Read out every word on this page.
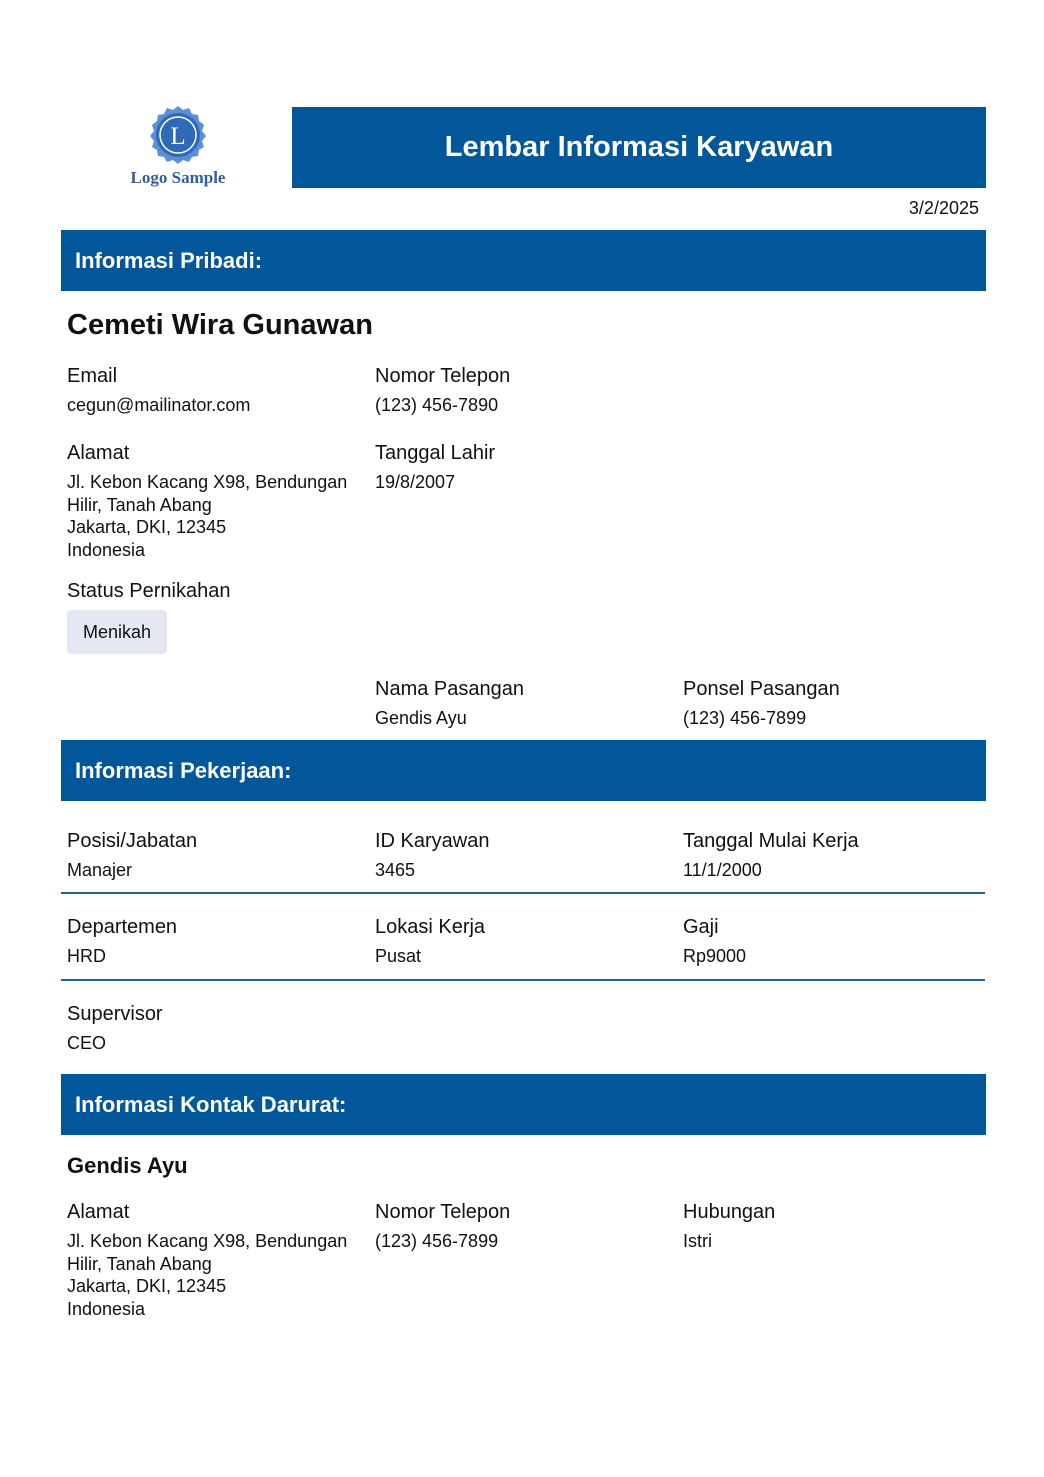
L
Logo Sample
Lembar Informasi Karyawan
3/2/2025
Informasi Pribadi:
Cemeti Wira Gunawan
Email
cegun@mailinator.com
Nomor Telepon
(123) 456-7890
Alamat
Jl. Kebon Kacang X98, Bendungan
Hilir, Tanah Abang
Jakarta, DKI, 12345
Indonesia
Tanggal Lahir
19/8/2007
Status Pernikahan
Menikah
Nama Pasangan
Gendis Ayu
Ponsel Pasangan
(123) 456-7899
Informasi Pekerjaan:
Posisi/Jabatan
Manajer
ID Karyawan
3465
Tanggal Mulai Kerja
11/1/2000
Departemen
HRD
Lokasi Kerja
Pusat
Gaji
Rp9000
Supervisor
CEO
Informasi Kontak Darurat:
Gendis Ayu
Alamat
Jl. Kebon Kacang X98, Bendungan
Hilir, Tanah Abang
Jakarta, DKI, 12345
Indonesia
Nomor Telepon
(123) 456-7899
Hubungan
Istri
